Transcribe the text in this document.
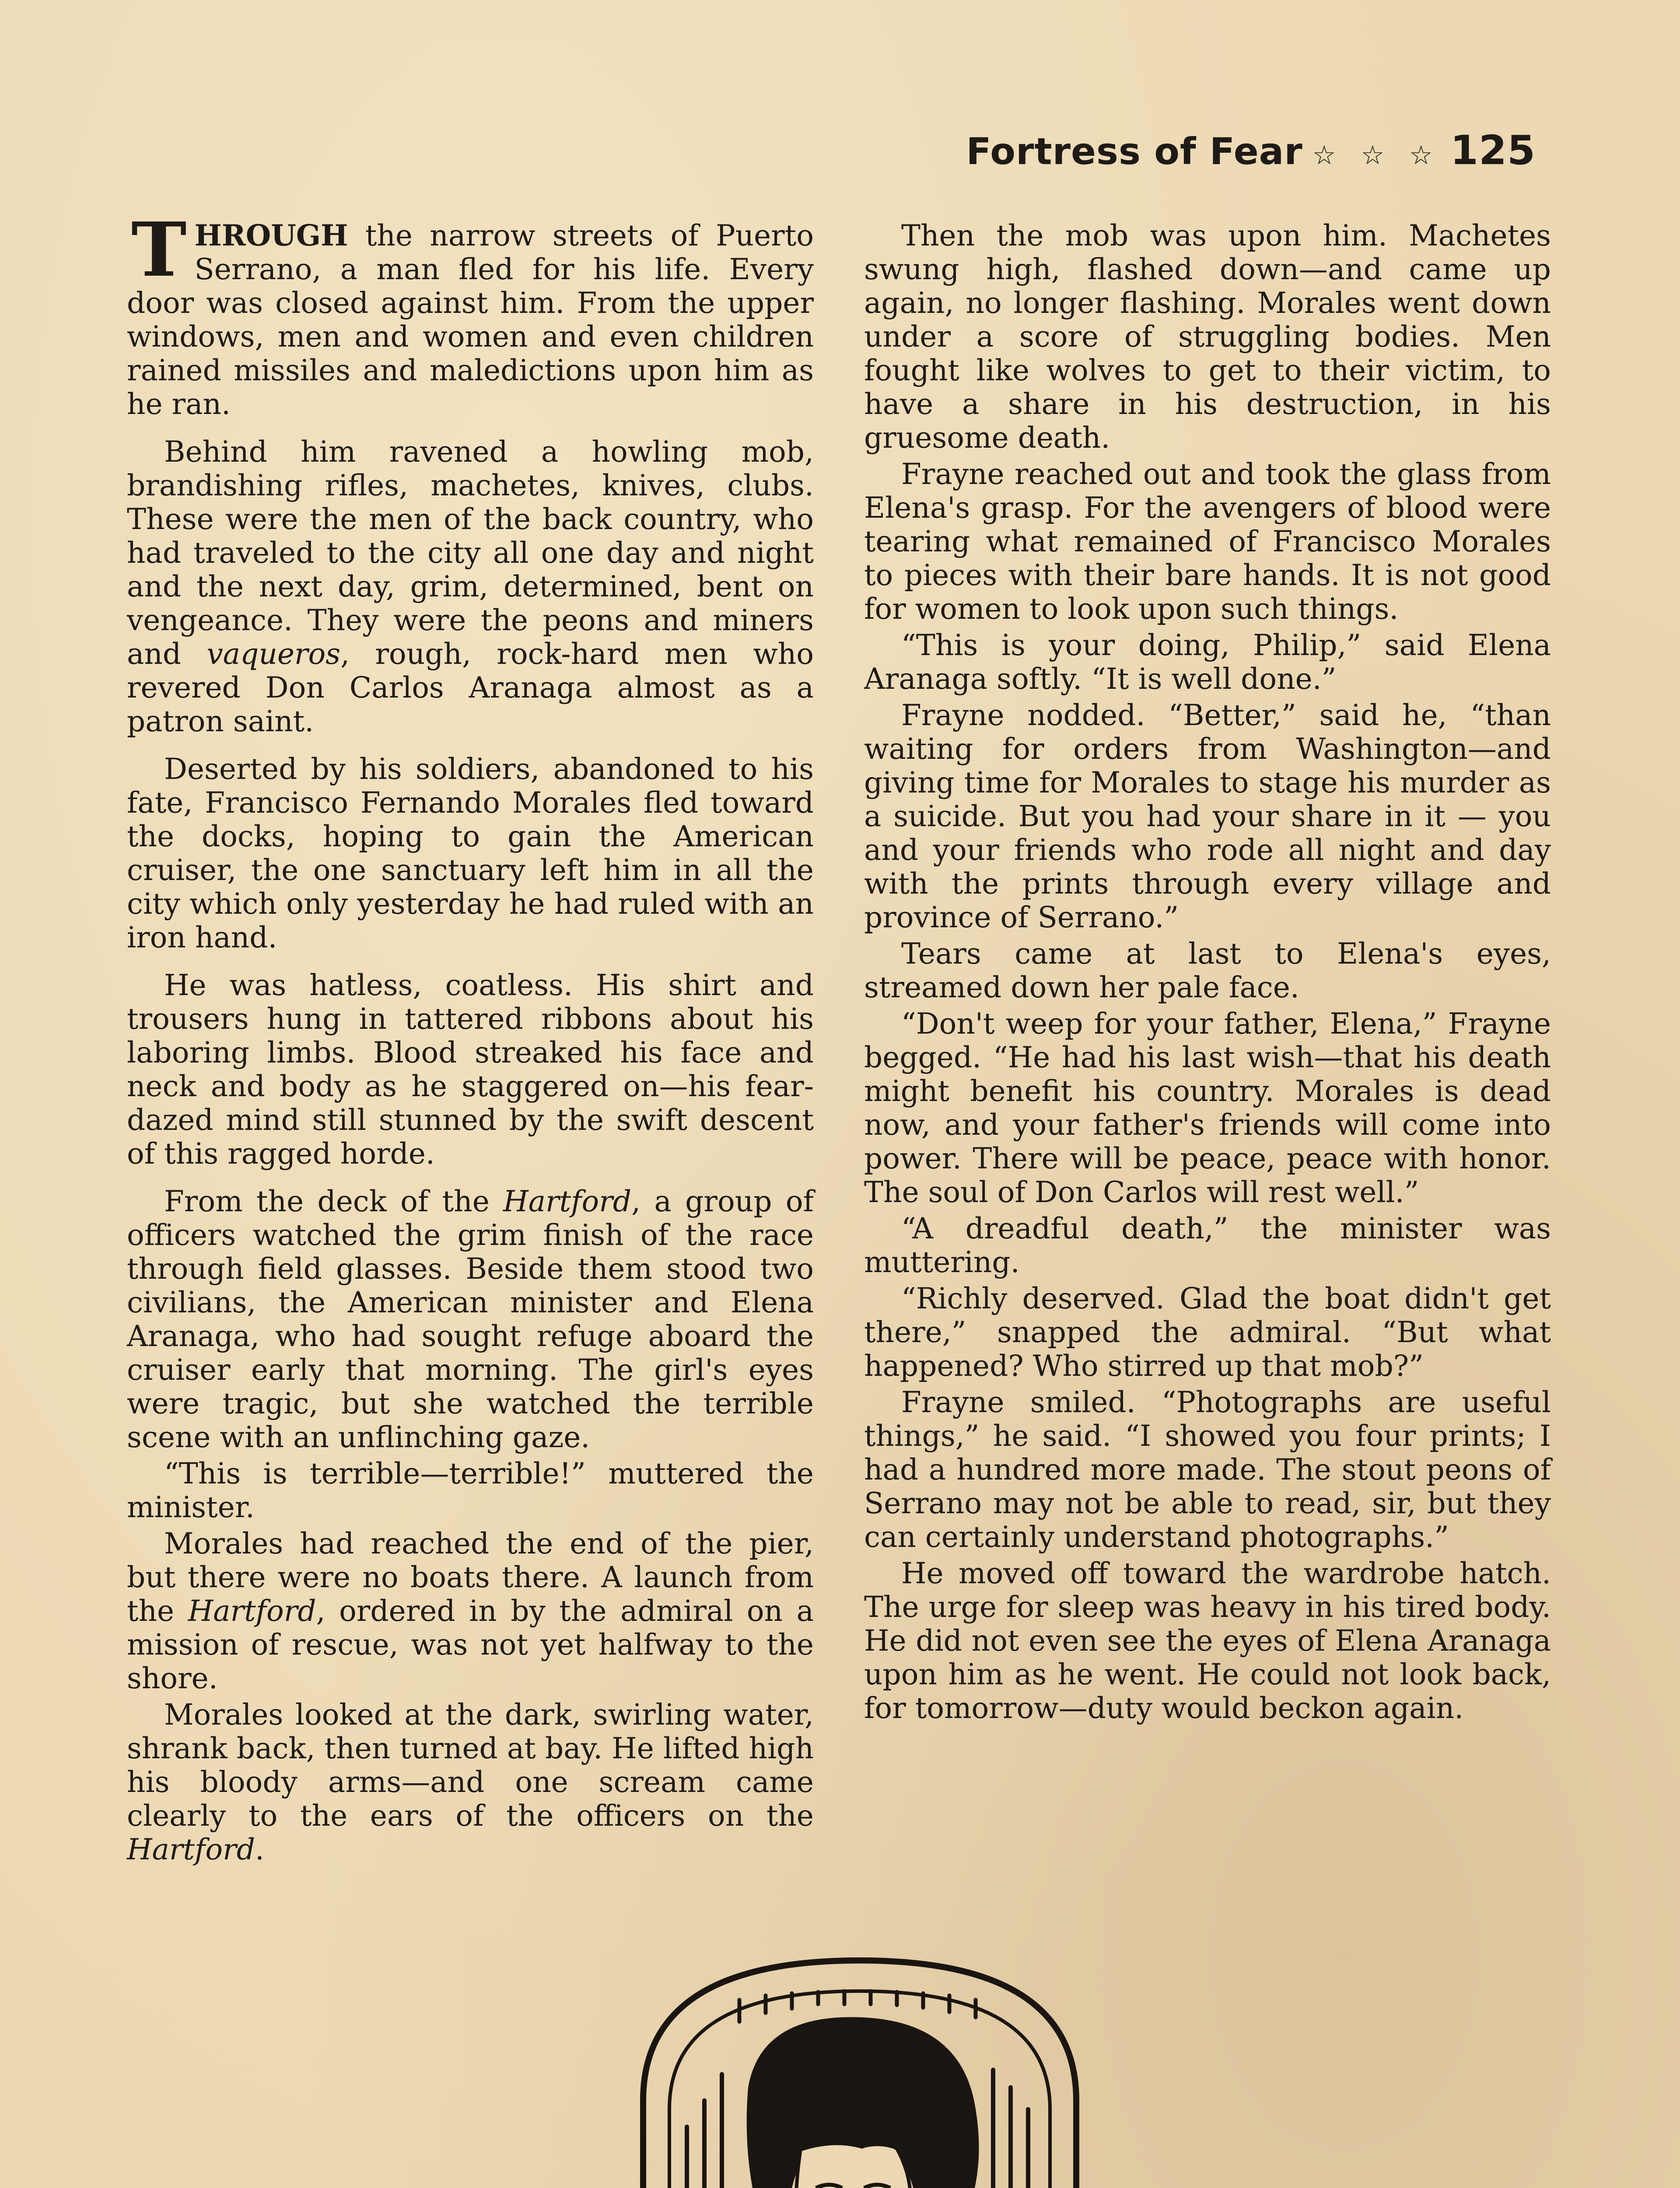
Fortress of Fear ☆ ☆ ☆ 125

THROUGH the narrow streets of Puerto Serrano, a man fled for his life. Every door was closed against him. From the upper windows, men and women and even children rained missiles and maledictions upon him as he ran.

Behind him ravened a howling mob, brandishing rifles, machetes, knives, clubs. These were the men of the back country, who had traveled to the city all one day and night and the next day, grim, determined, bent on vengeance. They were the peons and miners and vaqueros, rough, rock-hard men who revered Don Carlos Aranaga almost as a patron saint.

Deserted by his soldiers, abandoned to his fate, Francisco Fernando Morales fled toward the docks, hoping to gain the American cruiser, the one sanctuary left him in all the city which only yesterday he had ruled with an iron hand.

He was hatless, coatless. His shirt and trousers hung in tattered ribbons about his laboring limbs. Blood streaked his face and neck and body as he staggered on—his fear-dazed mind still stunned by the swift descent of this ragged horde.

From the deck of the Hartford, a group of officers watched the grim finish of the race through field glasses. Beside them stood two civilians, the American minister and Elena Aranaga, who had sought refuge aboard the cruiser early that morning. The girl's eyes were tragic, but she watched the terrible scene with an unflinching gaze.

“This is terrible—terrible!” muttered the minister.

Morales had reached the end of the pier, but there were no boats there. A launch from the Hartford, ordered in by the admiral on a mission of rescue, was not yet halfway to the shore.

Morales looked at the dark, swirling water, shrank back, then turned at bay. He lifted high his bloody arms—and one scream came clearly to the ears of the officers on the Hartford.

Then the mob was upon him. Machetes swung high, flashed down—and came up again, no longer flashing. Morales went down under a score of struggling bodies. Men fought like wolves to get to their victim, to have a share in his destruction, in his gruesome death.

Frayne reached out and took the glass from Elena's grasp. For the avengers of blood were tearing what remained of Francisco Morales to pieces with their bare hands. It is not good for women to look upon such things.

“This is your doing, Philip,” said Elena Aranaga softly. “It is well done.”

Frayne nodded. “Better,” said he, “than waiting for orders from Washington—and giving time for Morales to stage his murder as a suicide. But you had your share in it — you and your friends who rode all night and day with the prints through every village and province of Serrano.”

Tears came at last to Elena's eyes, streamed down her pale face.

“Don't weep for your father, Elena,” Frayne begged. “He had his last wish—that his death might benefit his country. Morales is dead now, and your father's friends will come into power. There will be peace, peace with honor. The soul of Don Carlos will rest well.”

“A dreadful death,” the minister was muttering.

“Richly deserved. Glad the boat didn't get there,” snapped the admiral. “But what happened? Who stirred up that mob?”

Frayne smiled. “Photographs are useful things,” he said. “I showed you four prints; I had a hundred more made. The stout peons of Serrano may not be able to read, sir, but they can certainly understand photographs.”

He moved off toward the wardrobe hatch. The urge for sleep was heavy in his tired body. He did not even see the eyes of Elena Aranaga upon him as he went. He could not look back, for tomorrow—duty would beckon again.
